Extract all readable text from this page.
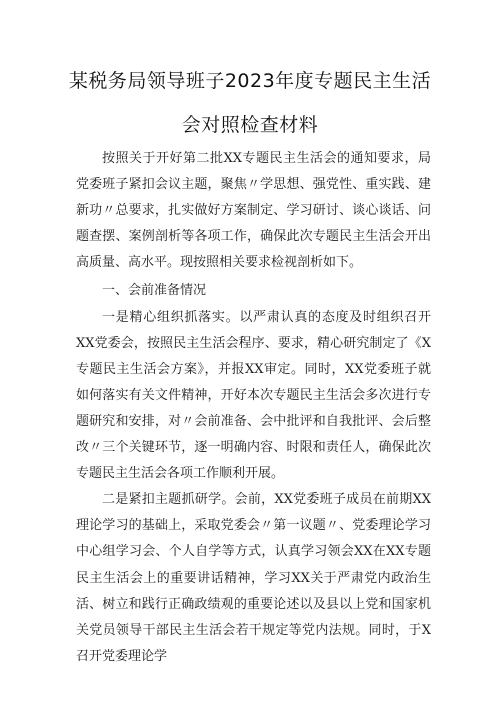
某税务局领导班子2023年度专题民主生活
会对照检查材料

按照关于开好第二批XX专题民主生活会的通知要求，局党委班子紧扣会议主题，聚焦〃学思想、强党性、重实践、建新功〃总要求，扎实做好方案制定、学习研讨、谈心谈话、问题查摆、案例剖析等各项工作，确保此次专题民主生活会开出高质量、高水平。现按照相关要求检视剖析如下。

一、会前准备情况

一是精心组织抓落实。以严肃认真的态度及时组织召开XX党委会，按照民主生活会程序、要求，精心研究制定了《X专题民主生活会方案》，并报XX审定。同时，XX党委班子就如何落实有关文件精神，开好本次专题民主生活会多次进行专题研究和安排，对〃会前准备、会中批评和自我批评、会后整改〃三个关键环节，逐一明确内容、时限和责任人，确保此次专题民主生活会各项工作顺利开展。

二是紧扣主题抓研学。会前，XX党委班子成员在前期XX理论学习的基础上，采取党委会〃第一议题〃、党委理论学习中心组学习会、个人自学等方式，认真学习领会XX在XX专题民主生活会上的重要讲话精神，学习XX关于严肃党内政治生活、树立和践行正确政绩观的重要论述以及县以上党和国家机关党员领导干部民主生活会若干规定等党内法规。同时，于X召开党委理论学
